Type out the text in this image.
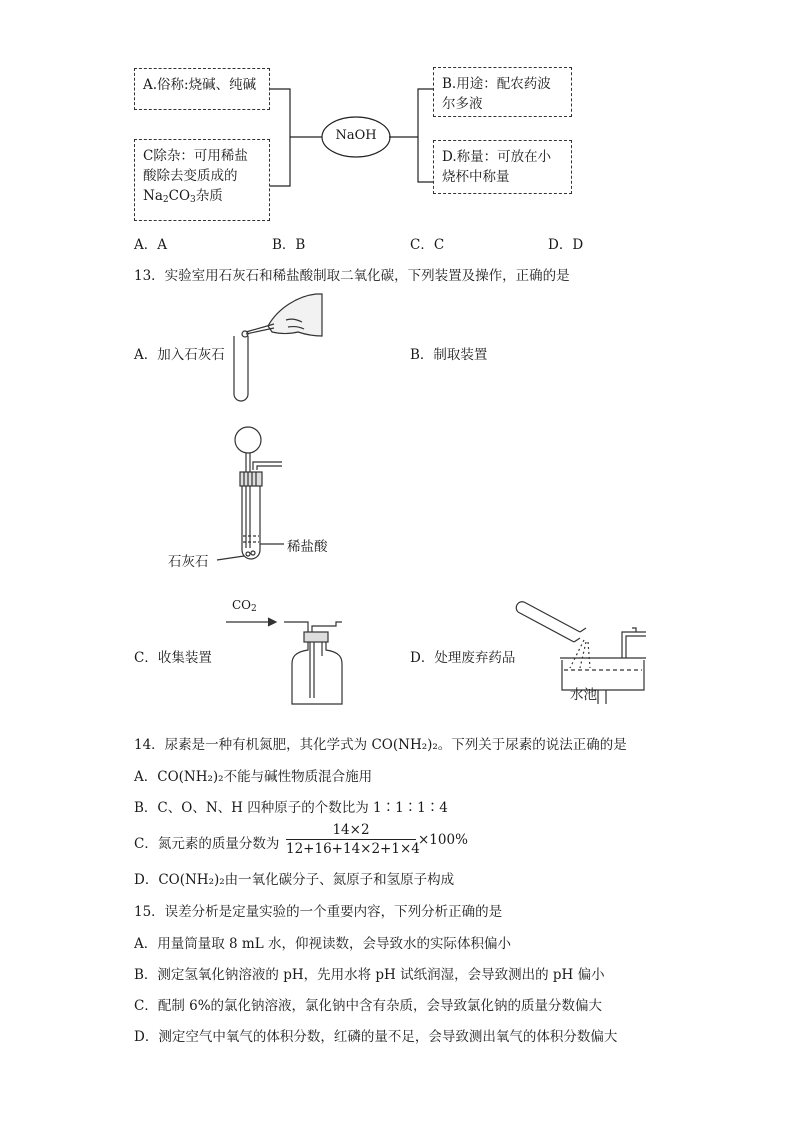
A.俗称:烧碱、纯碱
C除杂：可用稀盐
酸除去变质成的
$Na_2CO_3$杂质
B.用途：配农药波
尔多液
D.称量：可放在小
烧杯中称量
NaOH
A．A	B．B	C．C	D．D
13．实验室用石灰石和稀盐酸制取二氧化碳，下列装置及操作，正确的是
A．加入石灰石	B．制取装置
稀盐酸
石灰石
$CO_2$
C．收集装置
水池
D．处理废弃药品
14．尿素是一种有机氮肥，其化学式为 CO(NH₂)₂。下列关于尿素的说法正确的是
A．CO(NH₂)₂不能与碱性物质混合施用
B．C、O、N、H 四种原子的个数比为 1∶1∶1∶4
C．氮元素的质量分数为
14×2
12+16+14×2+1×4
×100%
D．CO(NH₂)₂由一氧化碳分子、氮原子和氢原子构成
15．误差分析是定量实验的一个重要内容，下列分析正确的是
A．用量筒量取 8 mL 水，仰视读数，会导致水的实际体积偏小
B．测定氢氧化钠溶液的 pH，先用水将 pH 试纸润湿，会导致测出的 pH 偏小
C．配制 6%的氯化钠溶液，氯化钠中含有杂质，会导致氯化钠的质量分数偏大
D．测定空气中氧气的体积分数，红磷的量不足，会导致测出氧气的体积分数偏大
